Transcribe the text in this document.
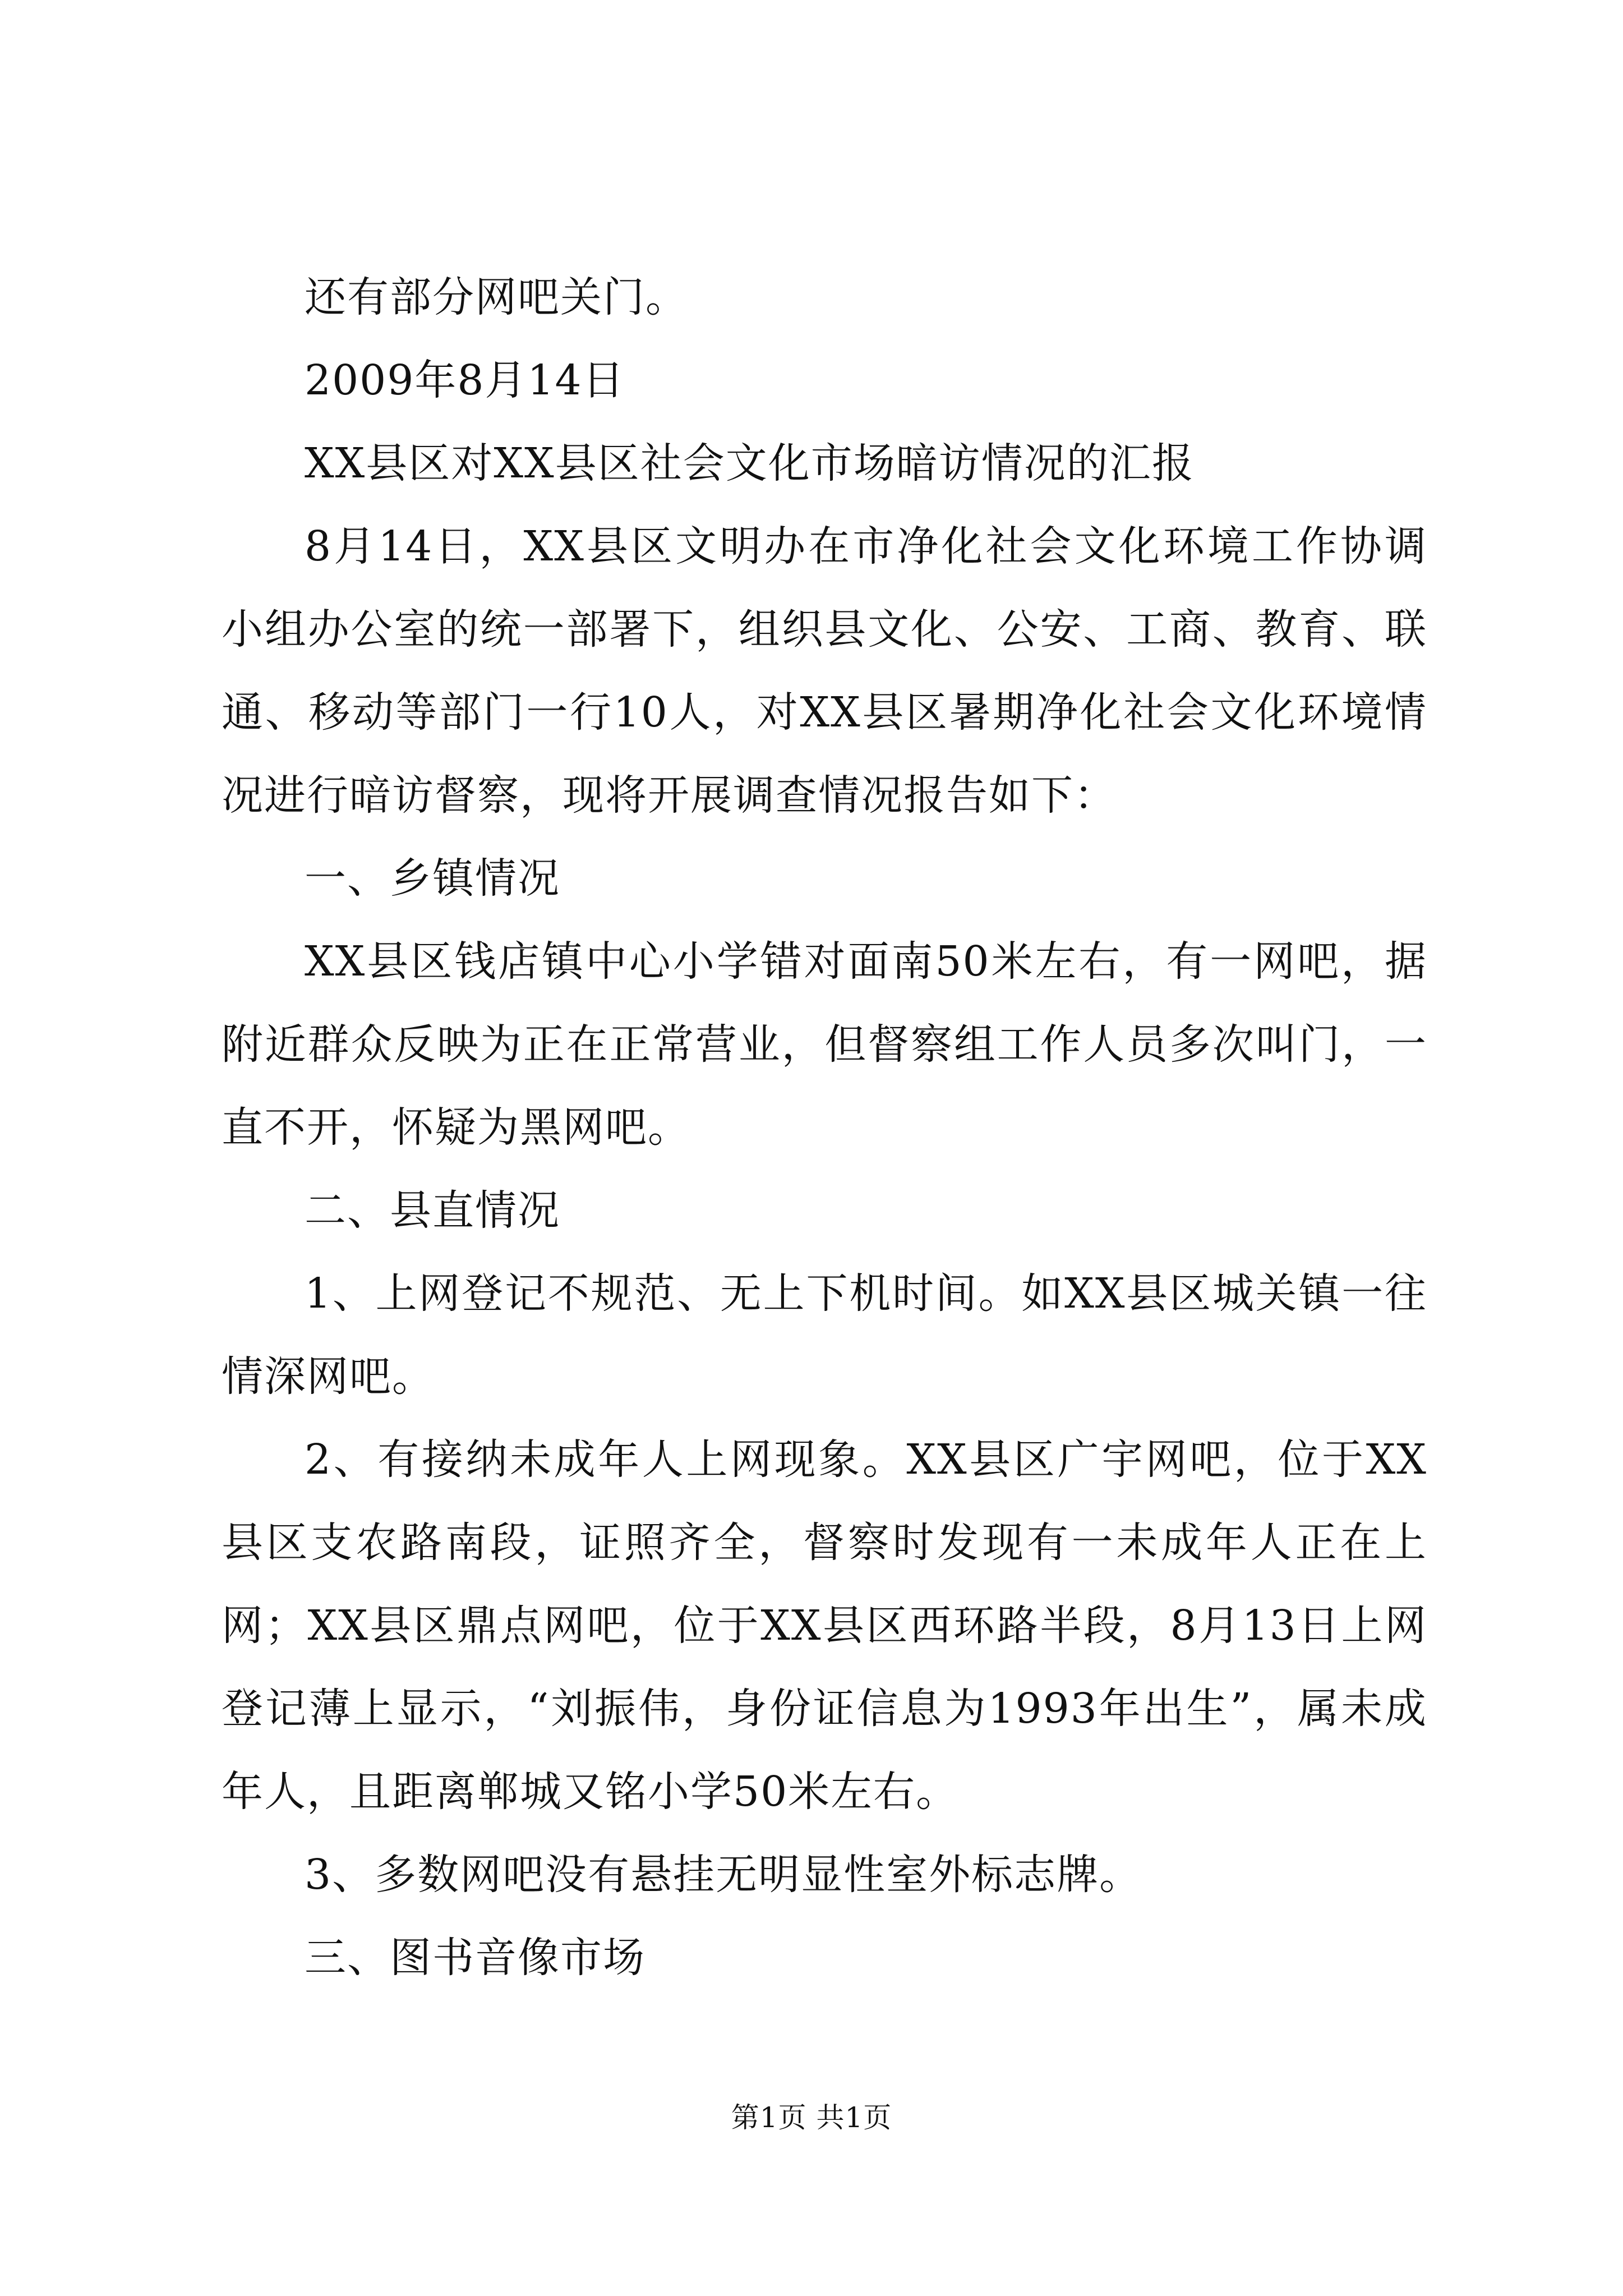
还有部分网吧关门。

2009年8月14日

XX县区对XX县区社会文化市场暗访情况的汇报

8月14日，XX县区文明办在市净化社会文化环境工作协调小组办公室的统一部署下，组织县文化、公安、工商、教育、联通、移动等部门一行10人，对XX县区暑期净化社会文化环境情况进行暗访督察，现将开展调查情况报告如下：

一、乡镇情况

XX县区钱店镇中心小学错对面南50米左右，有一网吧，据附近群众反映为正在正常营业，但督察组工作人员多次叫门，一直不开，怀疑为黑网吧。

二、县直情况

1、上网登记不规范、无上下机时间。如XX县区城关镇一往情深网吧。

2、有接纳未成年人上网现象。XX县区广宇网吧，位于XX县区支农路南段，证照齐全，督察时发现有一未成年人正在上网；XX县区鼎点网吧，位于XX县区西环路半段，8月13日上网登记薄上显示，“刘振伟，身份证信息为1993年出生”，属未成年人，且距离郸城又铭小学50米左右。

3、多数网吧没有悬挂无明显性室外标志牌。

三、图书音像市场

第1页 共1页
